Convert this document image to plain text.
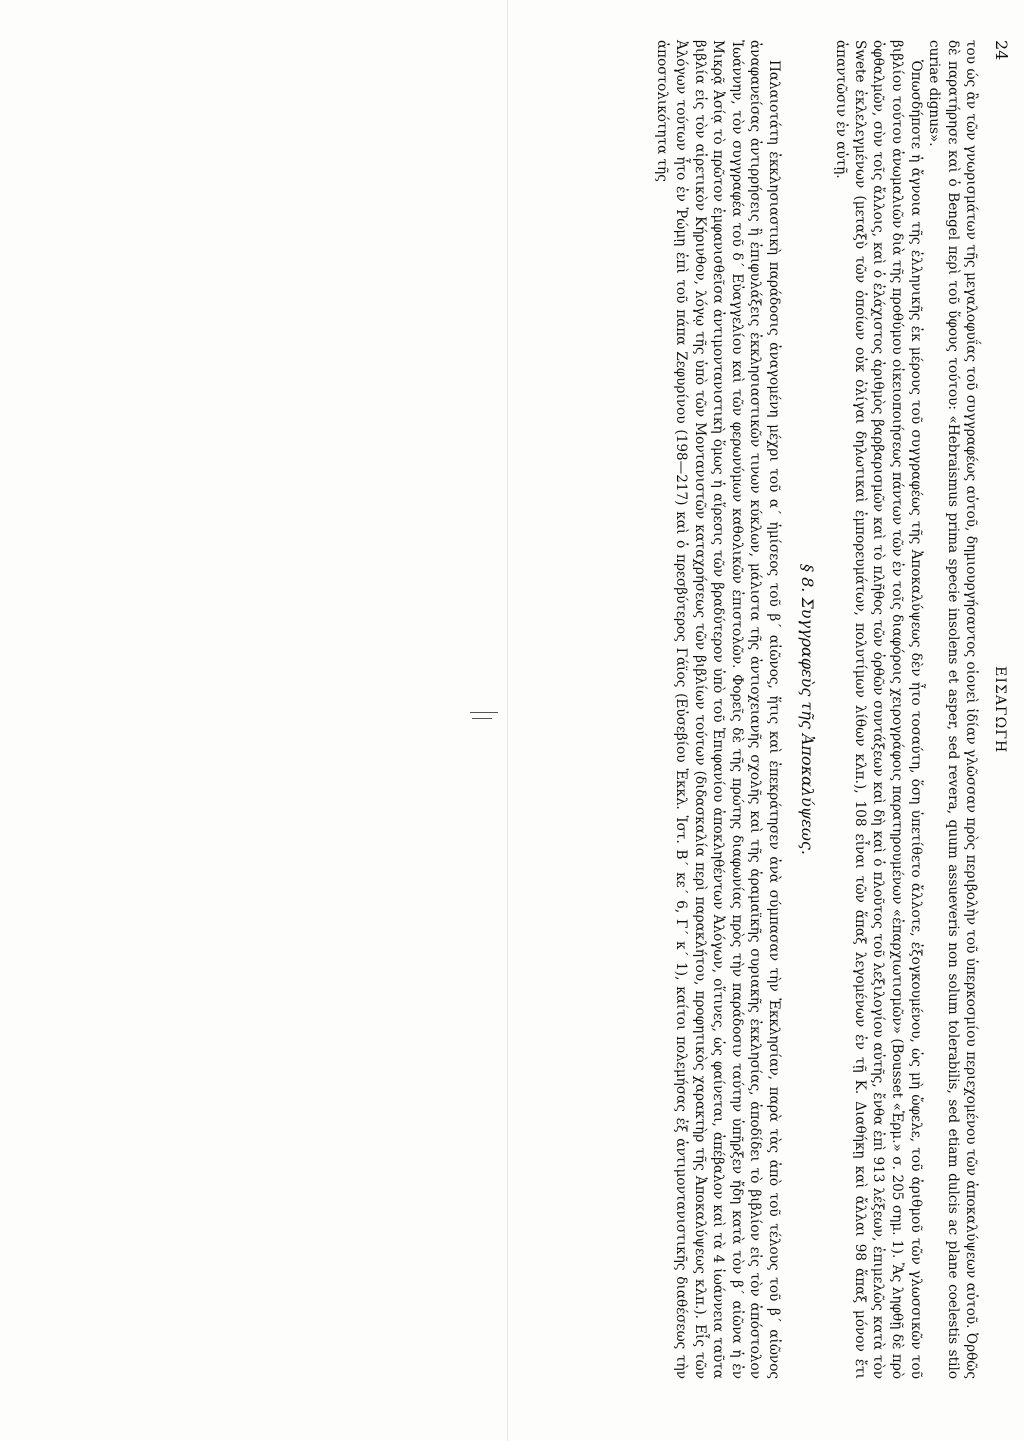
24
ΕΙΣΑΓΩΓΗ

του ώς ἂν τῶν γνωρισμάτων τῆς μεγαλοφυΐας τοῦ συγγραφέως αὐτοῦ, δημιουργήσαντος οἱονεὶ ἰδίαν γλῶσσαν πρὸς περιβολὴν τοῦ ὑπερκοσμίου περιεχομένου τῶν ἀποκαλύψεων αὐτοῦ. Ὀρθῶς δὲ παρατήρησε καὶ ὁ Bengel περὶ τοῦ ὕφους τούτου: «Hebraismus prima specie insolens et asper, sed revera, quum assueveris non solum tolerabilis, sed etiam dulcis ac plane coelestis stilo curiae dignus».

Ὁπωσδήποτε ἡ ἄγνοια τῆς ἑλληνικῆς ἐκ μέρους τοῦ συγγραφέως τῆς Ἀποκαλύψεως δὲν ἦτο τοσαύτη, ὅση ὑπετίθετο ἄλλοτε, ἐξογκουμένου, ὡς μὴ ὤφελε, τοῦ ἀριθμοῦ τῶν γλωσσικῶν τοῦ βιβλίου τούτου ἀνωμαλιῶν διὰ τῆς προθύμου οἰκειοποιήσεως πάντων τῶν ἐν τοῖς διαφόροις χειρογράφοις παρατηρουμένων «ἐπαρχιωτισμῶν» (Bousset «Ἑρμ.» σ. 205 σημ. 1). Ἂς ληφθῇ δὲ πρὸ ὀφθαλμῶν, σὺν τοῖς ἄλλοις, καὶ ὁ ἐλάχιστος ἀριθμὸς βαρβαρισμῶν καὶ τὸ πλῆθος τῶν ὀρθῶν συντάξεων καὶ δὴ καὶ ὁ πλοῦτος τοῦ λεξιλογίου αὐτῆς, ἔνθα ἐπὶ 913 λέξεων, ἐπιμελῶς κατὰ τὸν Swete ἐκλελεγμένων (μεταξὺ τῶν ὁποίων οὐκ ὀλίγαι δηλωτικαὶ ἐμπορευμάτων, πολυτίμων λίθων κλπ.), 108 εἶναι τῶν ἅπαξ λεγομένων ἐν τῇ Κ. Διαθήκῃ καὶ ἄλλαι 98 ἅπαξ μόνον ἔτι ἀπαντῶσιν ἐν αὐτῇ.

§ 8. Συγγραφεὺς τῆς Ἀποκαλύψεως.

Παλαιοτάτη ἐκκλησιαστικὴ παράδοσις ἀναγομένη μέχρι τοῦ α´ ἡμίσεος τοῦ β´ αἰῶνος, ἥτις καὶ ἐπεκράτησεν ἀνὰ σύμπασαν τὴν Ἐκκλησίαν, παρὰ τὰς ἀπὸ τοῦ τέλους τοῦ β´ αἰῶνος ἀναφανείσας ἀντιρρήσεις ἢ ἐπιφυλάξεις ἐκκλησιαστικῶν τινων κύκλων, μάλιστα τῆς ἀντιοχειανῆς σχολῆς καὶ τῆς ἀραμαϊκῆς συριακῆς ἐκκλησίας, ἀποδίδει τὸ βιβλίον εἰς τὸν ἀπόστολον Ἰωάννην, τὸν συγγραφέα τοῦ δ´ Εὐαγγελίου καὶ τῶν φερωνύμων καθολικῶν ἐπιστολῶν. Φορεῖς δὲ τῆς πρώτης διαφωνίας πρὸς τὴν παράδοσιν ταύτην ὑπῆρξεν ἤδη κατὰ τὸν β´ αἰῶνα ἡ ἐν Μικρᾷ Ἀσίᾳ τὸ πρῶτον ἐμφανισθεῖσα ἀντιμοντανιστικὴ ὅμως ἡ αἵρεσις τῶν βραδύτερον ὑπὸ τοῦ Ἐπιφανίου ἀποκληθέντων Ἀλόγων, οἵτινες, ὡς φαίνεται, ἀπέβαλον καὶ τὰ 4 ἰωάννεια ταῦτα βιβλία εἰς τὸν αἱρετικὸν Κήρινθον, λόγῳ τῆς ὑπὸ τῶν Μοντανιστῶν καταχρήσεως τῶν βιβλίων τούτων (διδασκαλία περὶ παρακλήτου, προφητικὸς χαρακτὴρ τῆς Ἀποκαλύψεως κλπ.). Εἷς τῶν Ἀλόγων τούτων ἦτο ἐν Ῥώμῃ ἐπὶ τοῦ πάπα Ζεφυρίνου (198—217) καὶ ὁ πρεσβύτερος Γάϊος (Εὐσεβίου Ἐκκλ. Ἱστ. Β´ κε´ 6, Γ´ κ´ 1), καίτοι πολεμήσας ἐξ ἀντιμοντανιστικῆς διαθέσεως τὴν ἀποστολικότητα τῆς
